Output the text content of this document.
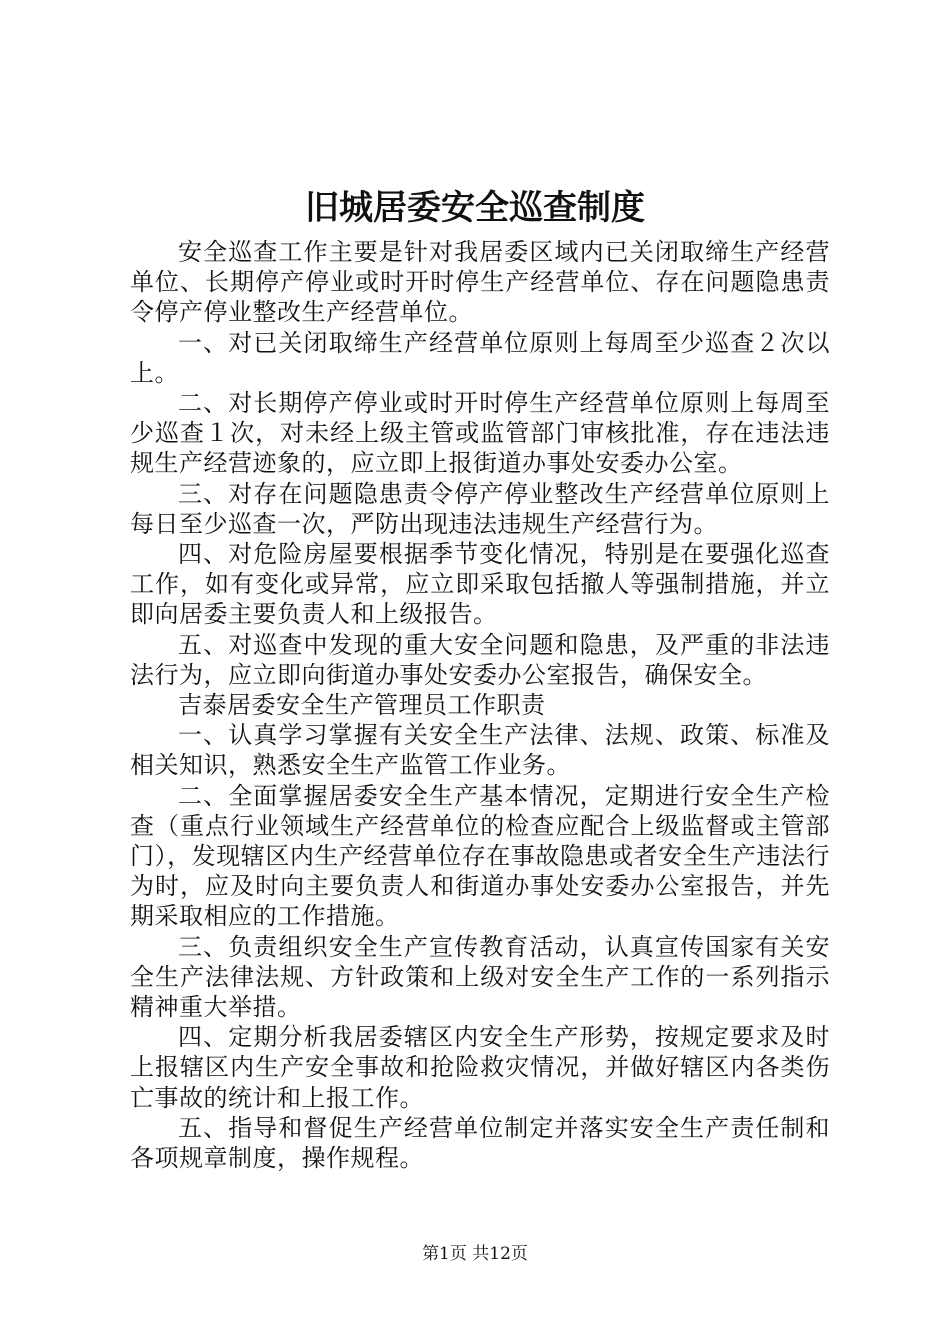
旧城居委安全巡查制度

安全巡查工作主要是针对我居委区域内已关闭取缔生产经营单位、长期停产停业或时开时停生产经营单位、存在问题隐患责令停产停业整改生产经营单位。

一、对已关闭取缔生产经营单位原则上每周至少巡查２次以上。

二、对长期停产停业或时开时停生产经营单位原则上每周至少巡查１次，对未经上级主管或监管部门审核批准，存在违法违规生产经营迹象的，应立即上报街道办事处安委办公室。

三、对存在问题隐患责令停产停业整改生产经营单位原则上每日至少巡查一次，严防出现违法违规生产经营行为。

四、对危险房屋要根据季节变化情况，特别是在要强化巡查工作，如有变化或异常，应立即采取包括撤人等强制措施，并立即向居委主要负责人和上级报告。

五、对巡查中发现的重大安全问题和隐患，及严重的非法违法行为，应立即向街道办事处安委办公室报告，确保安全。

吉泰居委安全生产管理员工作职责

一、认真学习掌握有关安全生产法律、法规、政策、标准及相关知识，熟悉安全生产监管工作业务。

二、全面掌握居委安全生产基本情况，定期进行安全生产检查（重点行业领域生产经营单位的检查应配合上级监督或主管部门），发现辖区内生产经营单位存在事故隐患或者安全生产违法行为时，应及时向主要负责人和街道办事处安委办公室报告，并先期采取相应的工作措施。

三、负责组织安全生产宣传教育活动，认真宣传国家有关安全生产法律法规、方针政策和上级对安全生产工作的一系列指示精神重大举措。

四、定期分析我居委辖区内安全生产形势，按规定要求及时上报辖区内生产安全事故和抢险救灾情况，并做好辖区内各类伤亡事故的统计和上报工作。

五、指导和督促生产经营单位制定并落实安全生产责任制和各项规章制度，操作规程。

第1页 共12页
